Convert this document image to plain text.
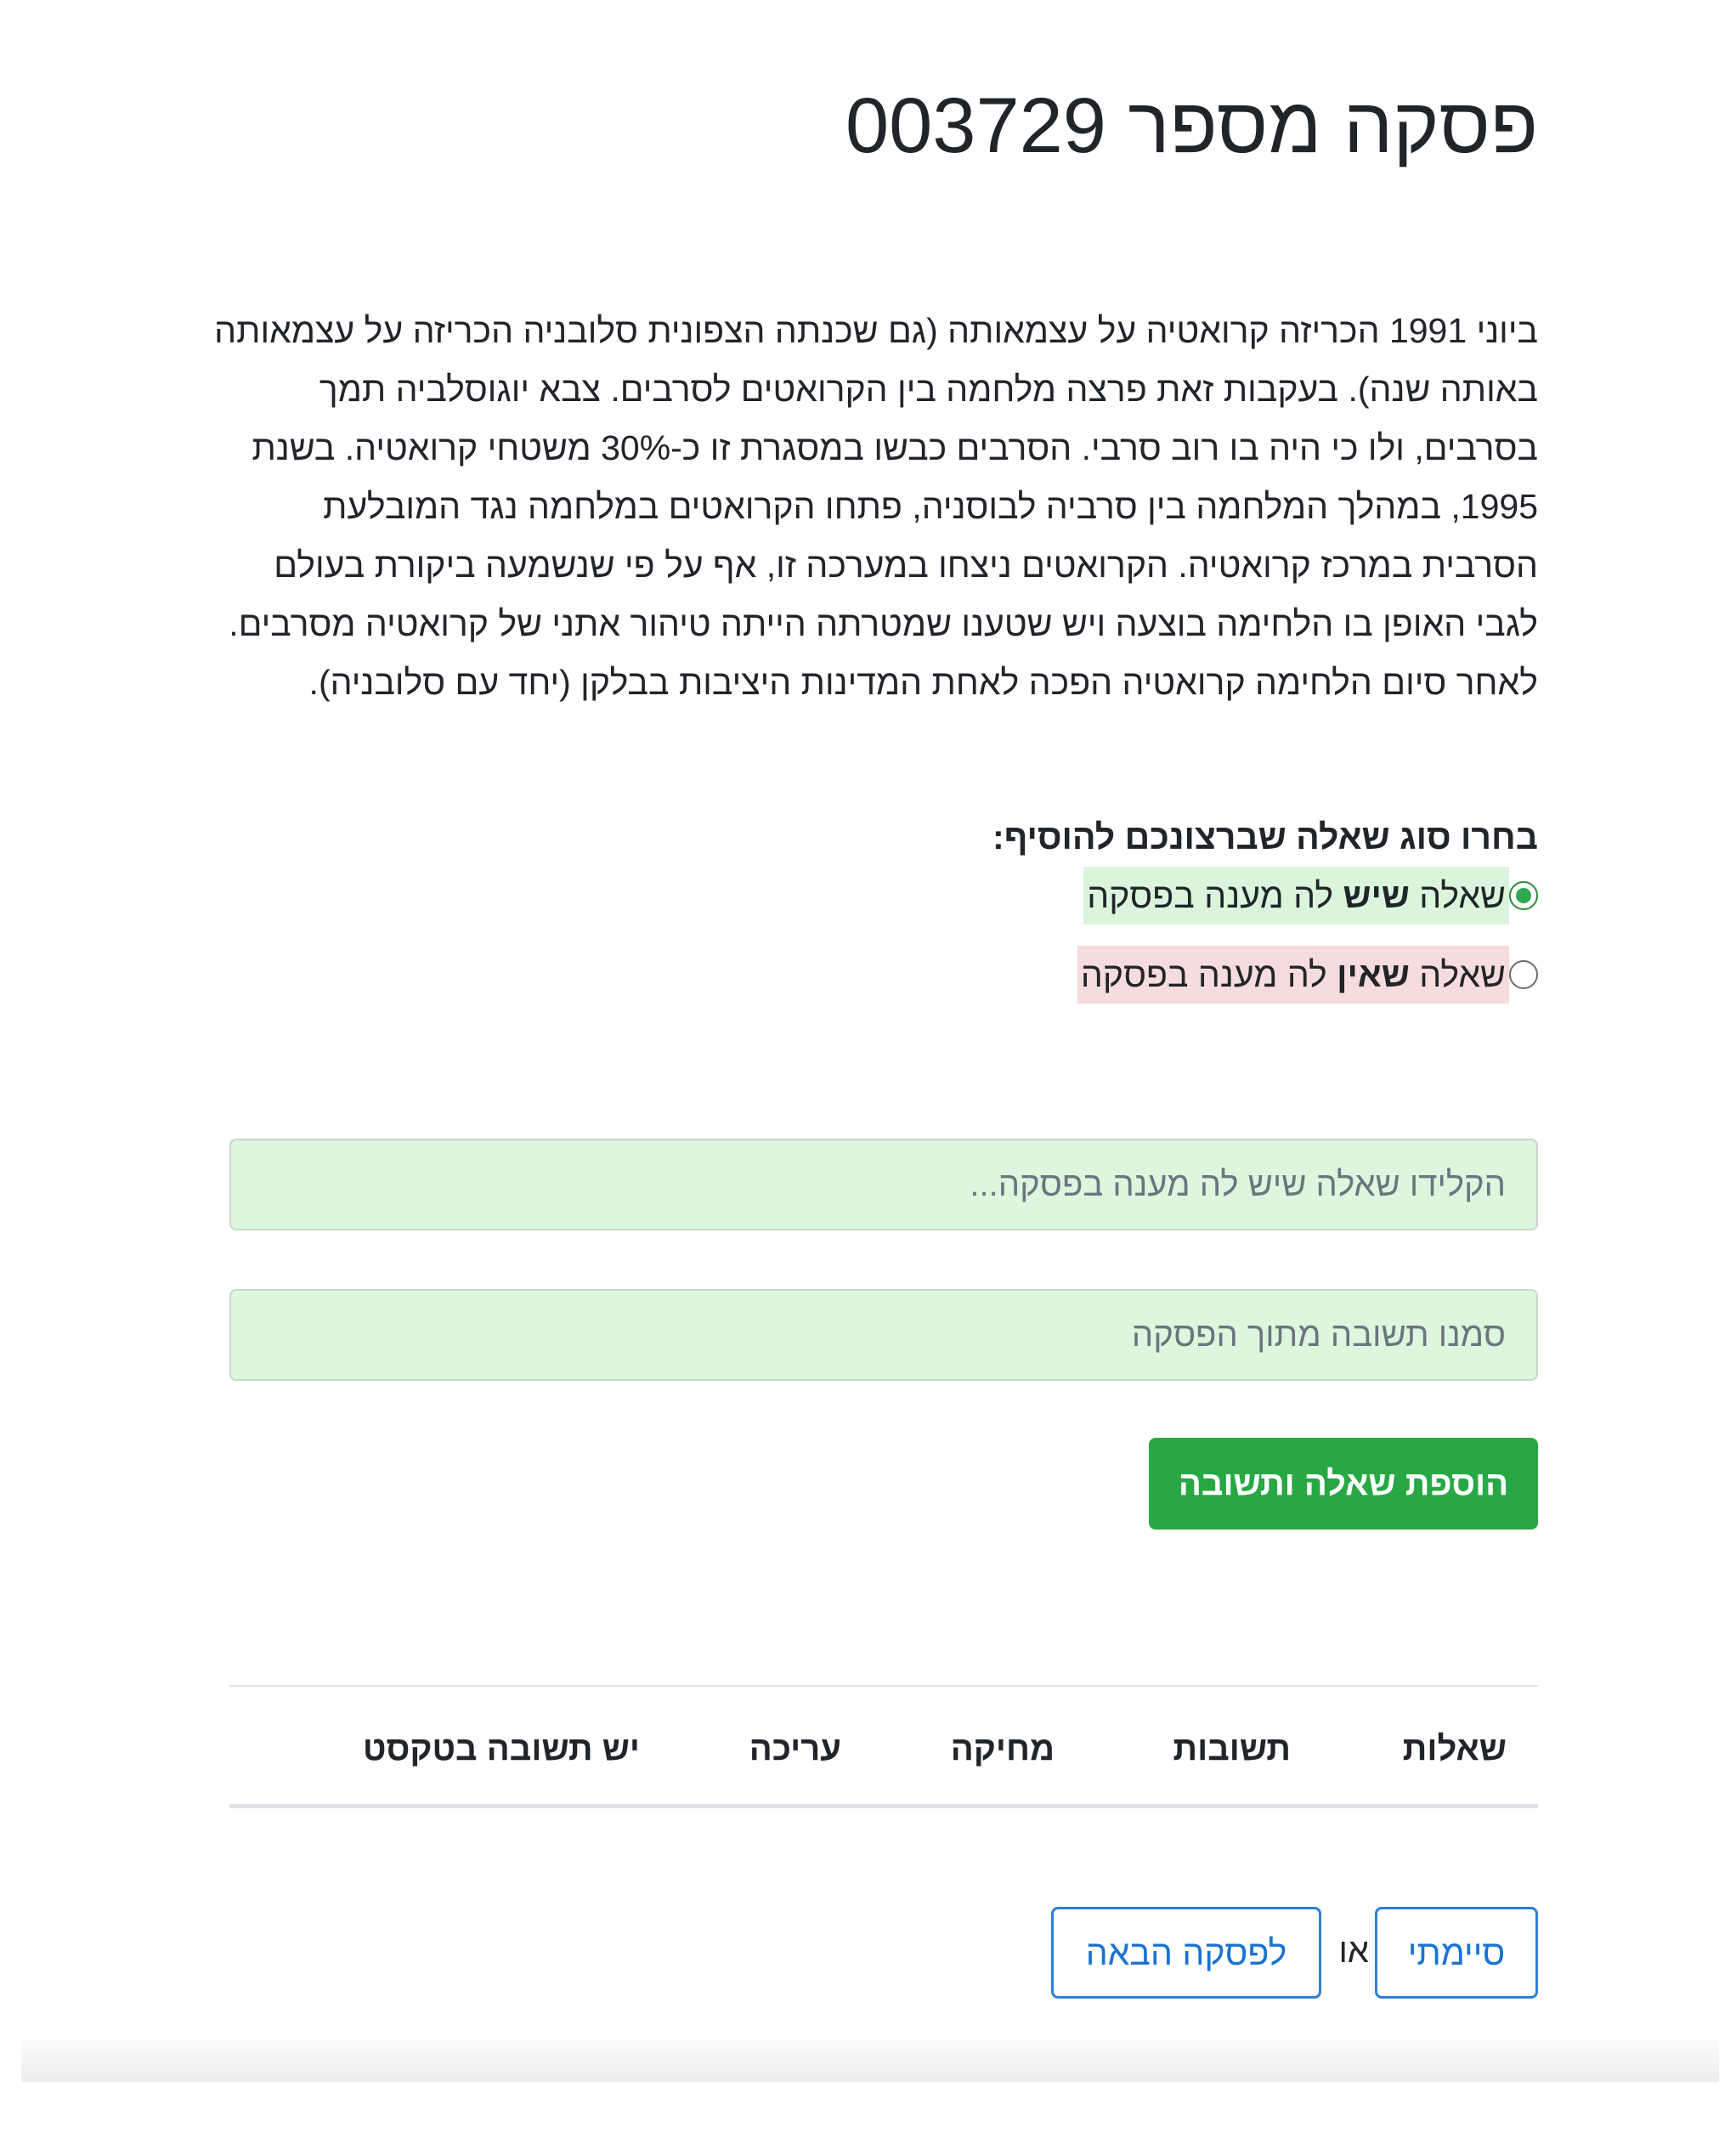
פסקה מספר 003729

ביוני 1991 הכריזה קרואטיה על עצמאותה (גם שכנתה הצפונית סלובניה הכריזה על עצמאותה באותה שנה). בעקבות זאת פרצה מלחמה בין הקרואטים לסרבים. צבא יוגוסלביה תמך בסרבים, ולו כי היה בו רוב סרבי. הסרבים כבשו במסגרת זו כ-30% משטחי קרואטיה. בשנת 1995, במהלך המלחמה בין סרביה לבוסניה, פתחו הקרואטים במלחמה נגד המובלעת הסרבית במרכז קרואטיה. הקרואטים ניצחו במערכה זו, אף על פי שנשמעה ביקורת בעולם לגבי האופן בו הלחימה בוצעה ויש שטענו שמטרתה הייתה טיהור אתני של קרואטיה מסרבים. לאחר סיום הלחימה קרואטיה הפכה לאחת המדינות היציבות בבלקן (יחד עם סלובניה).

בחרו סוג שאלה שברצונכם להוסיף:
שאלה שיש לה מענה בפסקה
שאלה שאין לה מענה בפסקה
הקלידו שאלה שיש לה מענה בפסקה...
סמנו תשובה מתוך הפסקה
הוספת שאלה ותשובה
שאלות
תשובות
מחיקה
עריכה
יש תשובה בטקסט
סיימתי
או
לפסקה הבאה
